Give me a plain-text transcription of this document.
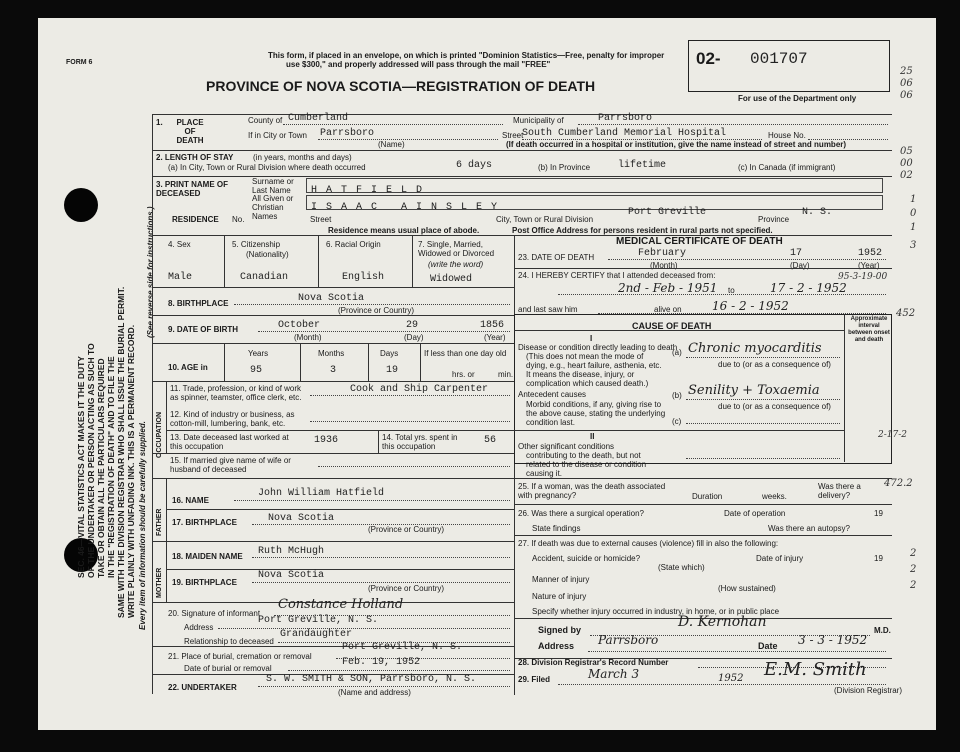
FORM 6
This form, if placed in an envelope, on which is printed "Dominion Statistics—Free, penalty for improper
use $300," and properly addressed will pass through the mail "FREE"
PROVINCE OF NOVA SCOTIA—REGISTRATION OF DEATH
02- 001707
For use of the Department only
SEC. 46—VITAL STATISTICS ACT MAKES IT THE DUTY OF THE UNDERTAKER OR PERSON ACTING AS SUCH TO TAKE OR OBTAIN ALL THE PARTICULARS REQUIRED IN THE "REGISTRATION OF DEATH" AND TO FILE THE SAME WITH THE DIVISION REGISTRAR WHO SHALL ISSUE THE BURIAL PERMIT. WRITE PLAINLY WITH UNFADING INK. THIS IS A PERMANENT RECORD. Every item of information should be carefully supplied.
(See reverse side for instructions.)
1.	PLACE OF DEATH
County of Cumberland	Municipality of	Parrsboro
If in City or Town Parrsboro
(Name)
Street
South Cumberland Memorial Hospital	House No.
(If death occurred in a hospital or institution, give the name instead of street and number)
2. LENGTH OF STAY (in years, months and days)
(a) In City, Town or Rural Division where death occurred	6 days	(b) In Province	lifetime	(c) In Canada (if immigrant)
3. PRINT NAME OF DECEASED
Surname or Last Name	HATFIELD
All Given or Christian Names
ISAAC AINSLEY
RESIDENCE No.	Street	City, Town or Rural Division
Port Greville
Province
N. S.
Residence means usual place of abode.	Post Office Address for persons resident in rural parts not specified.
4. Sex
Male
5. Citizenship
(Nationality)
Canadian
6. Racial Origin
English
7. Single, Married, Widowed or Divorced
(write the word)
Widowed
8. BIRTHPLACE	Nova Scotia
(Province or Country)
9. DATE OF BIRTH	October	29	1856
(Month)	(Day)	(Year)
10. AGE in
Years	Months	Days	If less than one day old
95	3	19	hrs. or	min.
OCCUPATION
11. Trade, profession, or kind of work as spinner, teamster, office clerk, etc.
Cook and Ship Carpenter
12. Kind of industry or business, as cotton-mill, lumbering, bank, etc.
13. Date deceased last worked at this occupation
1936	14. Total yrs. spent in this occupation
56
15. If married give name of wife or husband of deceased
FATHER
MOTHER
16. NAME
John William Hatfield
17. BIRTHPLACE	Nova Scotia
(Province or Country)
18. MAIDEN NAME Ruth McHugh
19. BIRTHPLACE
Nova Scotia
(Province or Country)
20. Signature of informant
Constance Holland
Address
Port Greville, N. S.
Relationship to deceased
Grandaughter
21. Place of burial, cremation or removal
Port Greville, N. S.
Date of burial or removal
Feb. 19, 1952
22. UNDERTAKER
S. W. SMITH & SON, Parrsboro, N. S.
(Name and address)
MEDICAL CERTIFICATE OF DEATH
23. DATE OF DEATH	February	17	1952
(Month)	(Day)	(Year)
24. I HEREBY CERTIFY that I attended deceased from:
2nd - Feb - 1951 to	17 - 2 - 1952
and last saw him	alive on	16 - 2 - 1952
CAUSE OF DEATH
Approximate interval between onset and death
I
Disease or condition directly leading to death
(This does not mean the mode of dying, e.g., heart failure, asthenia, etc. It means the disease, injury, or complication which caused death.)
(a) Chronic myocarditis
due to (or as a consequence of)
Antecedent causes
Morbid conditions, if any, giving rise to the above cause, stating the underlying condition last.
(b) Senility + Toxaemia
due to (or as a consequence of)
(c)
II
Other significant conditions
contributing to the death, but not related to the disease or condition causing it.
25. If a woman, was the death associated with pregnancy?	Duration	weeks.
Was there a delivery?
26. Was there a surgical operation?	Date of operation	19
State findings	Was there an autopsy?
27. If death was due to external causes (violence) fill in also the following:
Accident, suicide or homicide?
(State which)
Date of injury	19
Manner of injury
(How sustained)
Nature of injury
Specify whether injury occurred in industry, in home, or in public place
Signed by	D. Kernohan
M.D.
Address Parrsboro	Date 3 - 3 - 1952
28. Division Registrar's Record Number
29. Filed	March 3	1952 E.M. Smith
(Division Registrar)
25
06
06
05
00
02
1
0
1
3
2
2
2
95-3-19-00
452
2-17-2
472.2
